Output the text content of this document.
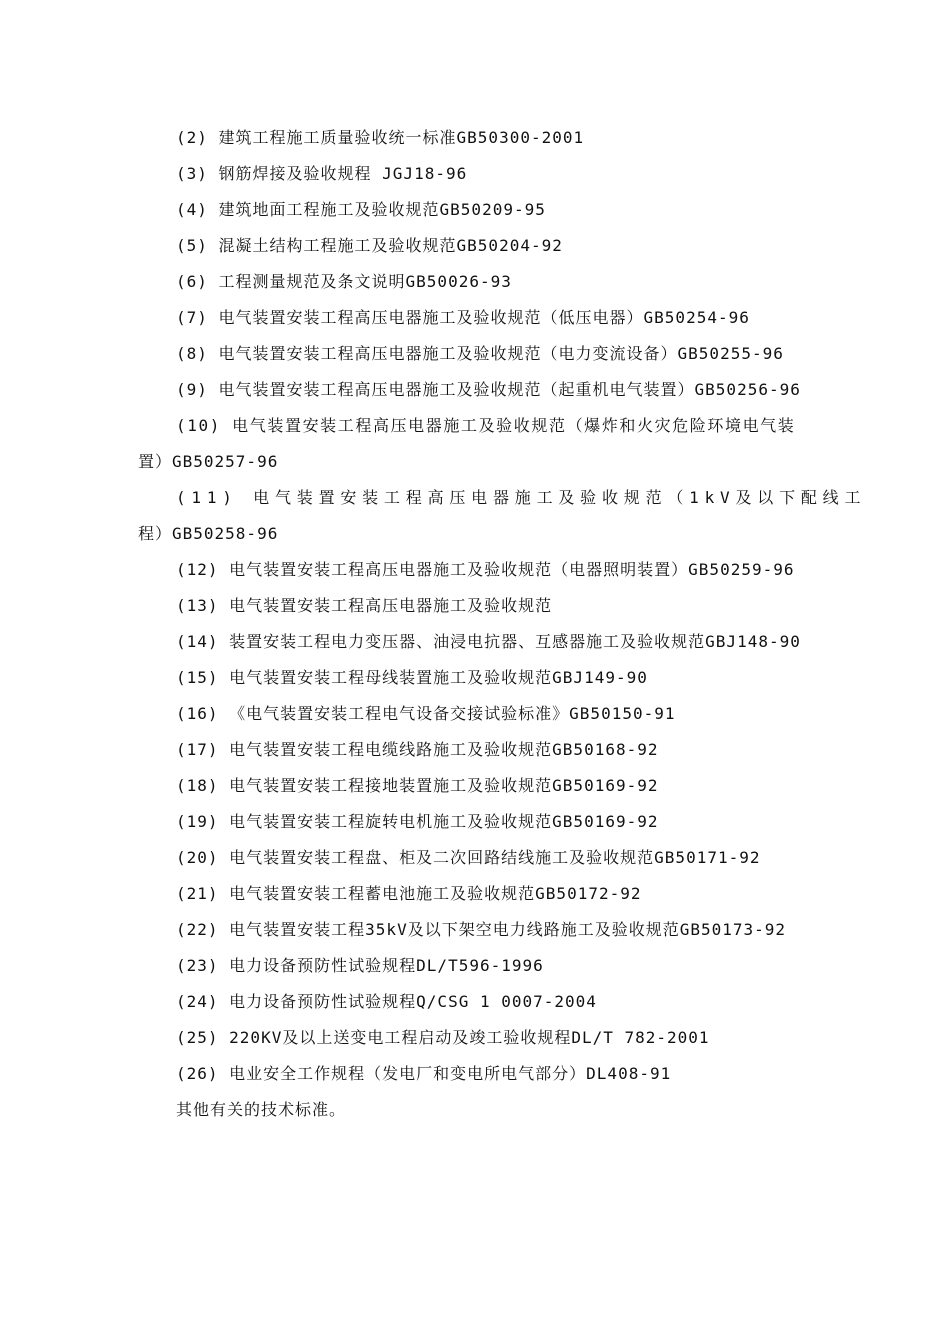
(2) 建筑工程施工质量验收统一标准GB50300-2001
(3) 钢筋焊接及验收规程 JGJ18-96
(4) 建筑地面工程施工及验收规范GB50209-95
(5) 混凝土结构工程施工及验收规范GB50204-92
(6) 工程测量规范及条文说明GB50026-93
(7) 电气装置安装工程高压电器施工及验收规范（低压电器）GB50254-96
(8) 电气装置安装工程高压电器施工及验收规范（电力变流设备）GB50255-96
(9) 电气装置安装工程高压电器施工及验收规范（起重机电气装置）GB50256-96
(10) 电气装置安装工程高压电器施工及验收规范（爆炸和火灾危险环境电气装
置）GB50257-96
(11) 电气装置安装工程高压电器施工及验收规范（1kV及以下配线工
程）GB50258-96
(12) 电气装置安装工程高压电器施工及验收规范（电器照明装置）GB50259-96
(13) 电气装置安装工程高压电器施工及验收规范
(14) 装置安装工程电力变压器、油浸电抗器、互感器施工及验收规范GBJ148-90
(15) 电气装置安装工程母线装置施工及验收规范GBJ149-90
(16) 《电气装置安装工程电气设备交接试验标准》GB50150-91
(17) 电气装置安装工程电缆线路施工及验收规范GB50168-92
(18) 电气装置安装工程接地装置施工及验收规范GB50169-92
(19) 电气装置安装工程旋转电机施工及验收规范GB50169-92
(20) 电气装置安装工程盘、柜及二次回路结线施工及验收规范GB50171-92
(21) 电气装置安装工程蓄电池施工及验收规范GB50172-92
(22) 电气装置安装工程35kV及以下架空电力线路施工及验收规范GB50173-92
(23) 电力设备预防性试验规程DL/T596-1996
(24) 电力设备预防性试验规程Q/CSG 1 0007-2004
(25) 220KV及以上送变电工程启动及竣工验收规程DL/T 782-2001
(26) 电业安全工作规程（发电厂和变电所电气部分）DL408-91
其他有关的技术标准。
